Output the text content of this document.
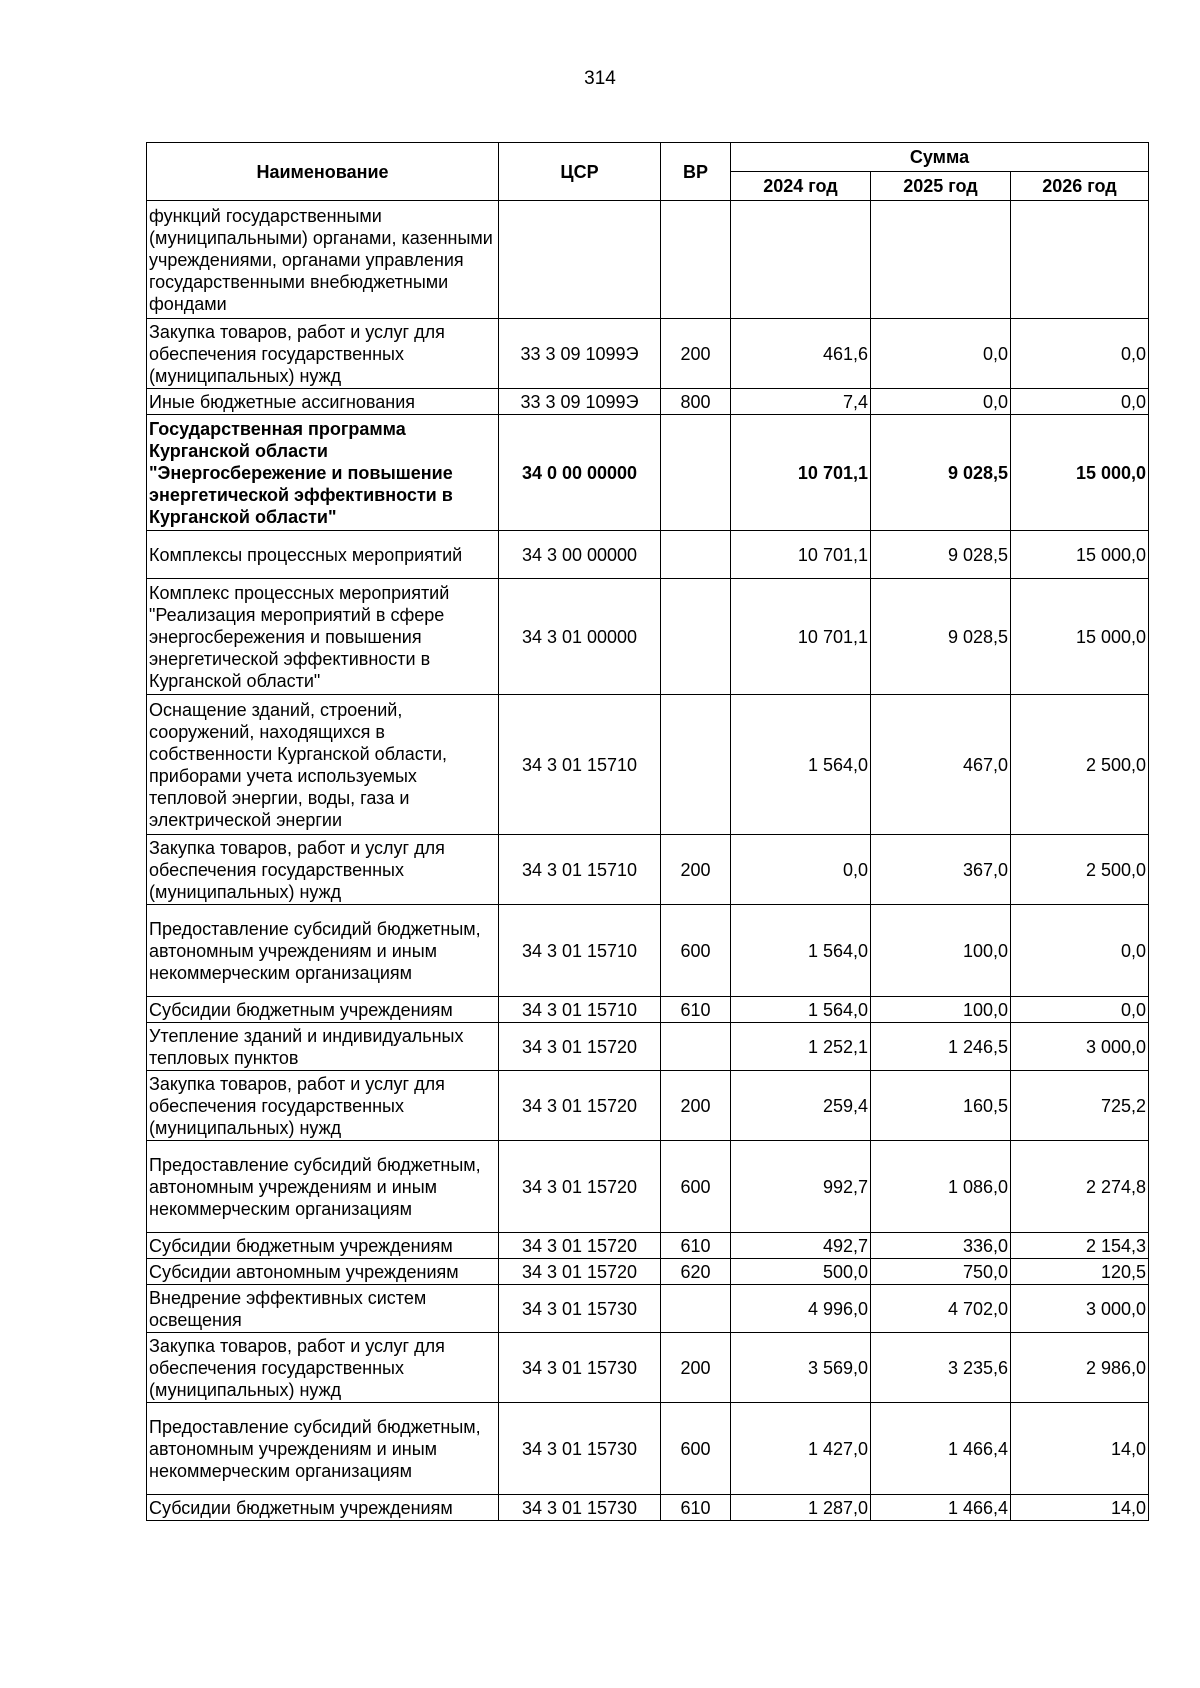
314
Наименование	ЦСР	ВР	Сумма		
			2024 год	2025 год	2026 год
функций государственными (муниципальными) органами, казенными учреждениями, органами управления государственными внебюджетными фондами					
Закупка товаров, работ и услуг для обеспечения государственных (муниципальных) нужд	33 3 09 1099Э	200	461,6	0,0	0,0
Иные бюджетные ассигнования	33 3 09 1099Э	800	7,4	0,0	0,0
Государственная программа Курганской области "Энергосбережение и повышение энергетической эффективности в Курганской области"	34 0 00 00000		10 701,1	9 028,5	15 000,0
Комплексы процессных мероприятий	34 3 00 00000		10 701,1	9 028,5	15 000,0
Комплекс процессных мероприятий "Реализация мероприятий в сфере энергосбережения и повышения энергетической эффективности в Курганской области"	34 3 01 00000		10 701,1	9 028,5	15 000,0
Оснащение зданий, строений, сооружений, находящихся в собственности Курганской области, приборами учета используемых тепловой энергии, воды, газа и электрической энергии	34 3 01 15710		1 564,0	467,0	2 500,0
Закупка товаров, работ и услуг для обеспечения государственных (муниципальных) нужд	34 3 01 15710	200	0,0	367,0	2 500,0
Предоставление субсидий бюджетным, автономным учреждениям и иным некоммерческим организациям	34 3 01 15710	600	1 564,0	100,0	0,0
Субсидии бюджетным учреждениям	34 3 01 15710	610	1 564,0	100,0	0,0
Утепление зданий и индивидуальных тепловых пунктов	34 3 01 15720		1 252,1	1 246,5	3 000,0
Закупка товаров, работ и услуг для обеспечения государственных (муниципальных) нужд	34 3 01 15720	200	259,4	160,5	725,2
Предоставление субсидий бюджетным, автономным учреждениям и иным некоммерческим организациям	34 3 01 15720	600	992,7	1 086,0	2 274,8
Субсидии бюджетным учреждениям	34 3 01 15720	610	492,7	336,0	2 154,3
Субсидии автономным учреждениям	34 3 01 15720	620	500,0	750,0	120,5
Внедрение эффективных систем освещения	34 3 01 15730		4 996,0	4 702,0	3 000,0
Закупка товаров, работ и услуг для обеспечения государственных (муниципальных) нужд	34 3 01 15730	200	3 569,0	3 235,6	2 986,0
Предоставление субсидий бюджетным, автономным учреждениям и иным некоммерческим организациям	34 3 01 15730	600	1 427,0	1 466,4	14,0
Субсидии бюджетным учреждениям	34 3 01 15730	610	1 287,0	1 466,4	14,0
